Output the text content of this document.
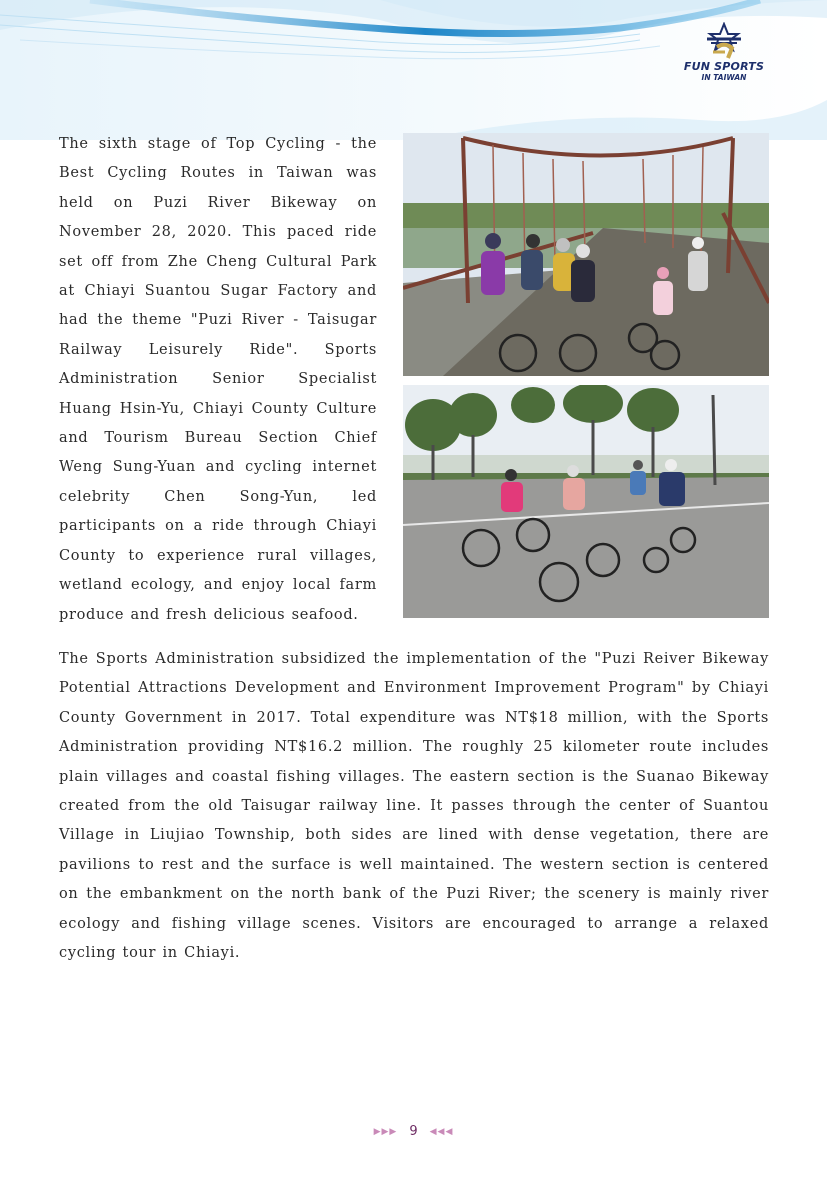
FUN SPORTS
IN TAIWAN

The sixth stage of Top Cycling - the Best Cycling Routes in Taiwan was held on Puzi River Bikeway on November 28, 2020. This paced ride set off from Zhe Cheng Cultural Park at Chiayi Suantou Sugar Factory and had the theme "Puzi River - Taisugar Railway Leisurely Ride". Sports Administration Senior Specialist Huang Hsin-Yu, Chiayi County Culture and Tourism Bureau Section Chief Weng Sung-Yuan and cycling internet celebrity Chen Song-Yun, led participants on a ride through Chiayi County to experience rural villages, wetland ecology, and enjoy local farm produce and fresh delicious seafood.

The Sports Administration subsidized the implementation of the "Puzi Reiver Bikeway Potential Attractions Development and Environment Improvement Program" by Chiayi County Government in 2017. Total expenditure was NT$18 million, with the Sports Administration providing NT$16.2 million. The roughly 25 kilometer route includes plain villages and coastal fishing villages. The eastern section is the Suanao Bikeway created from the old Taisugar railway line. It passes through the center of Suantou Village in Liujiao Township, both sides are lined with dense vegetation, there are pavilions to rest and the surface is well maintained. The western section is centered on the embankment on the north bank of the Puzi River; the scenery is mainly river ecology and fishing village scenes. Visitors are encouraged to arrange a relaxed cycling tour in Chiayi.

▶▶▶ 9 ◀◀◀
